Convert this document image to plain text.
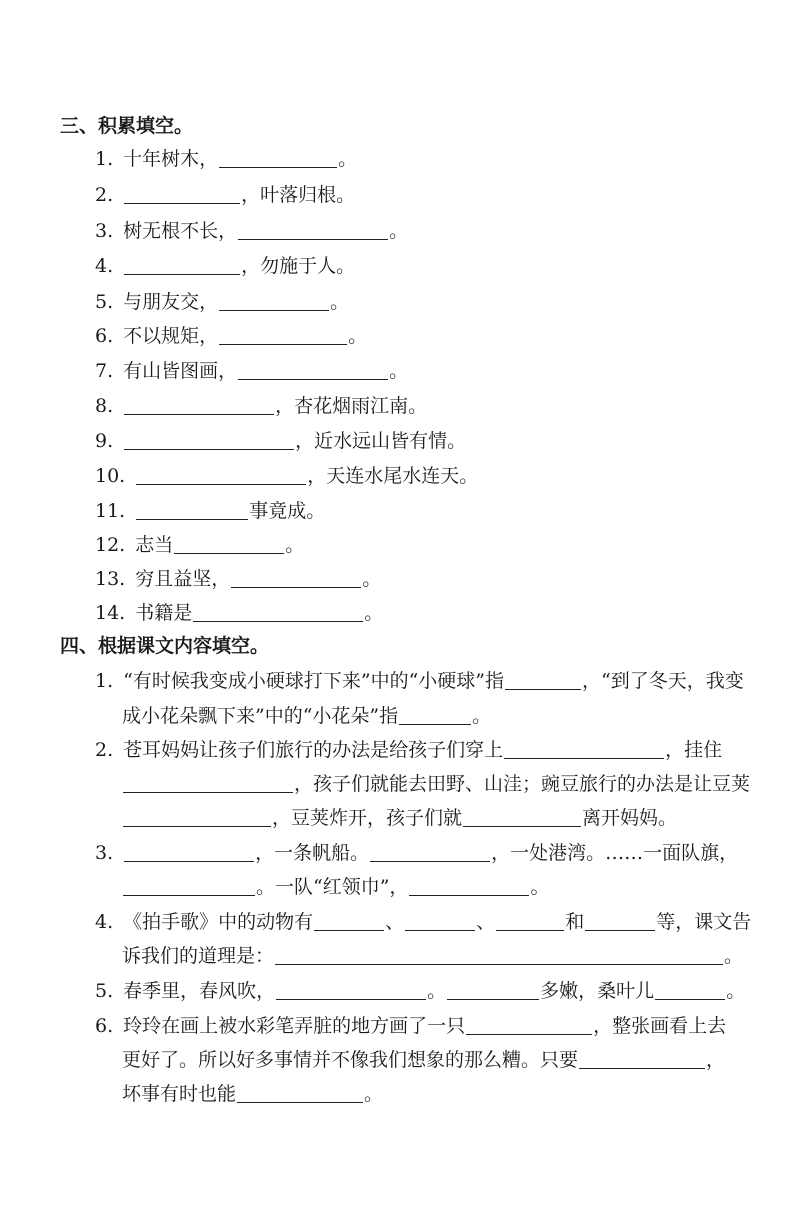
三、积累填空。
1. 十年树木，	。
2.	，叶落归根。
3. 树无根不长，	。
4.	，勿施于人。
5. 与朋友交，	。
6. 不以规矩，	。
7. 有山皆图画，	。
8.	，杏花烟雨江南。
9.	，近水远山皆有情。
10.	，天连水尾水连天。
11.	事竟成。
12. 志当	。
13. 穷且益坚，	。
14. 书籍是	。
四、根据课文内容填空。
1. “有时候我变成小硬球打下来”中的“小硬球”指	，“到了冬天，我变
成小花朵飘下来”中的“小花朵”指	。
2. 苍耳妈妈让孩子们旅行的办法是给孩子们穿上	，挂住
，孩子们就能去田野、山洼；豌豆旅行的办法是让豆荚
，豆荚炸开，孩子们就	离开妈妈。
3.	，一条帆船。	，一处港湾。……一面队旗，
。一队“红领巾”，	。
4. 《拍手歌》中的动物有	、	、	和	等，课文告
诉我们的道理是：	。
5. 春季里，春风吹，	。	多嫩，桑叶儿	。
6. 玲玲在画上被水彩笔弄脏的地方画了一只	，整张画看上去
更好了。所以好多事情并不像我们想象的那么糟。只要	，
坏事有时也能	。
